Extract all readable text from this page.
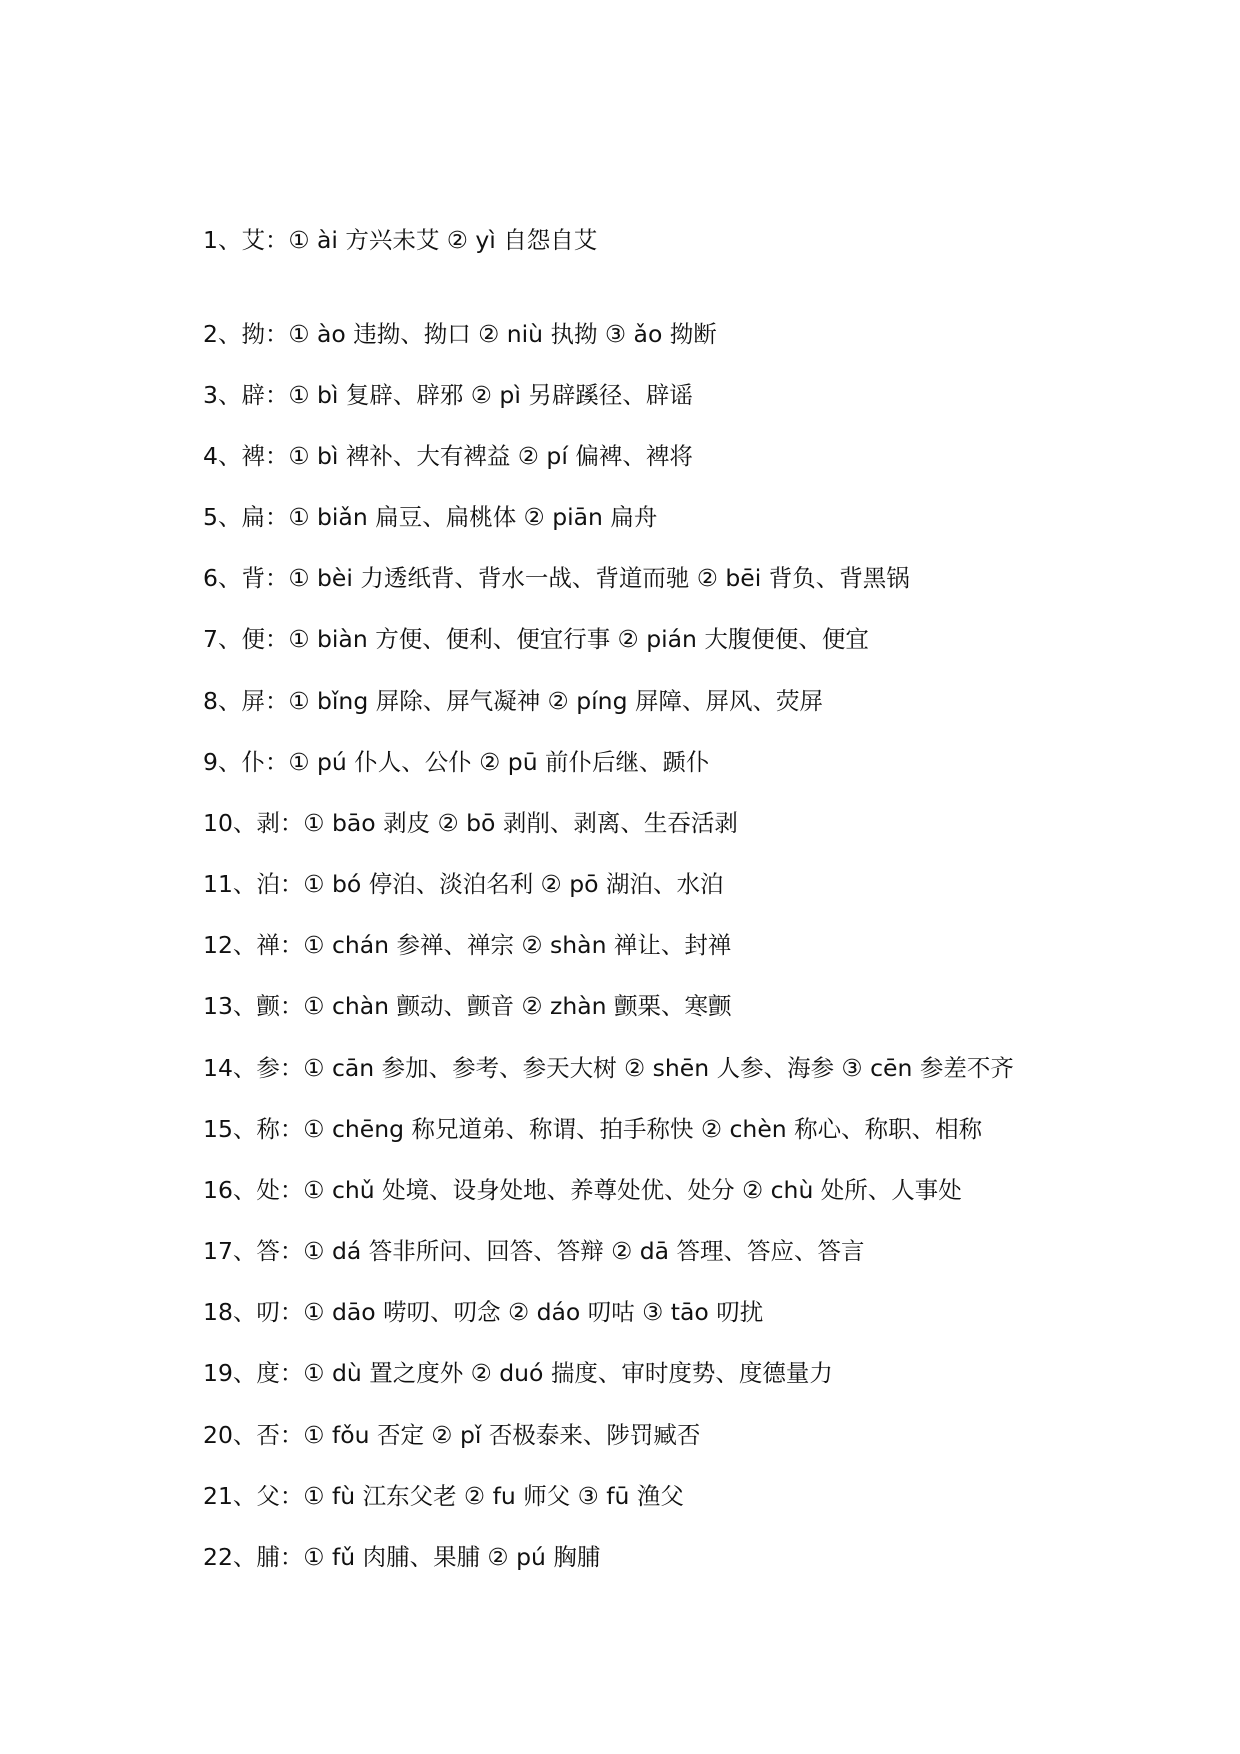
1、艾：① ài 方兴未艾 ② yì 自怨自艾
2、拗：① ào 违拗、拗口 ② niù 执拗 ③ ǎo 拗断
3、辟：① bì 复辟、辟邪 ② pì 另辟蹊径、辟谣
4、裨：① bì 裨补、大有裨益 ② pí 偏裨、裨将
5、扁：① biǎn 扁豆、扁桃体 ② piān 扁舟
6、背：① bèi 力透纸背、背水一战、背道而驰 ② bēi 背负、背黑锅
7、便：① biàn 方便、便利、便宜行事 ② pián 大腹便便、便宜
8、屏：① bǐng 屏除、屏气凝神 ② píng 屏障、屏风、荧屏
9、仆：① pú 仆人、公仆 ② pū 前仆后继、踬仆
10、剥：① bāo 剥皮 ② bō 剥削、剥离、生吞活剥
11、泊：① bó 停泊、淡泊名利 ② pō 湖泊、水泊
12、禅：① chán 参禅、禅宗 ② shàn 禅让、封禅
13、颤：① chàn 颤动、颤音 ② zhàn 颤栗、寒颤
14、参：① cān 参加、参考、参天大树 ② shēn 人参、海参 ③ cēn 参差不齐
15、称：① chēng 称兄道弟、称谓、拍手称快 ② chèn 称心、称职、相称
16、处：① chǔ 处境、设身处地、养尊处优、处分 ② chù 处所、人事处
17、答：① dá 答非所问、回答、答辩 ② dā 答理、答应、答言
18、叨：① dāo 唠叨、叨念 ② dáo 叨咕 ③ tāo 叨扰
19、度：① dù 置之度外 ② duó 揣度、审时度势、度德量力
20、否：① fǒu 否定 ② pǐ 否极泰来、陟罚臧否
21、父：① fù 江东父老 ② fu 师父 ③ fū 渔父
22、脯：① fǔ 肉脯、果脯 ② pú 胸脯
